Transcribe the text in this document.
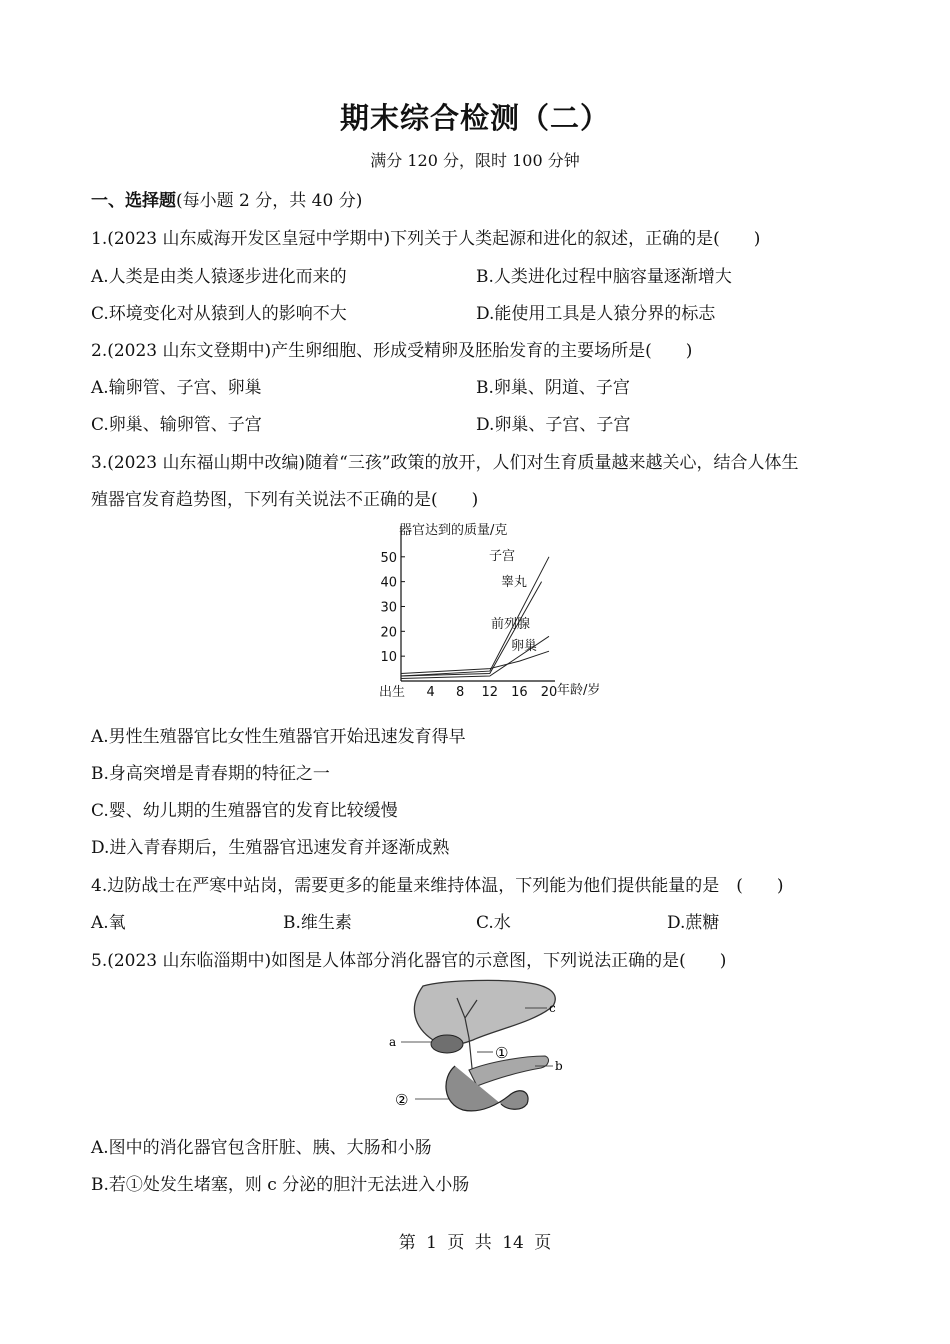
期末综合检测（二）
满分 120 分，限时 100 分钟
一、选择题(每小题 2 分，共 40 分)
1.(2023 山东威海开发区皇冠中学期中)下列关于人类起源和进化的叙述，正确的是(　　)
A.人类是由类人猿逐步进化而来的	B.人类进化过程中脑容量逐渐增大
C.环境变化对从猿到人的影响不大	D.能使用工具是人猿分界的标志
2.(2023 山东文登期中)产生卵细胞、形成受精卵及胚胎发育的主要场所是(　　)
A.输卵管、子宫、卵巢	B.卵巢、阴道、子宫
C.卵巢、输卵管、子宫	D.卵巢、子宫、子宫
3.(2023 山东福山期中改编)随着“三孩”政策的放开，人们对生育质量越来越关心，结合人体生
殖器官发育趋势图，下列有关说法不正确的是(　　)
器官达到的质量/克
年龄/岁
10
20
30
40
50
出生 4 8 12 16 20
子宫
睾丸
前列腺
卵巢
A.男性生殖器官比女性生殖器官开始迅速发育得早
B.身高突增是青春期的特征之一
C.婴、幼儿期的生殖器官的发育比较缓慢
D.进入青春期后，生殖器官迅速发育并逐渐成熟
4.边防战士在严寒中站岗，需要更多的能量来维持体温，下列能为他们提供能量的是　(　　)
A.氧	B.维生素	C.水	D.蔗糖
5.(2023 山东临淄期中)如图是人体部分消化器官的示意图，下列说法正确的是(　　)
a
b
c
①
②
A.图中的消化器官包含肝脏、胰、大肠和小肠
B.若①处发生堵塞，则 c 分泌的胆汁无法进入小肠
第 1 页 共 14 页
